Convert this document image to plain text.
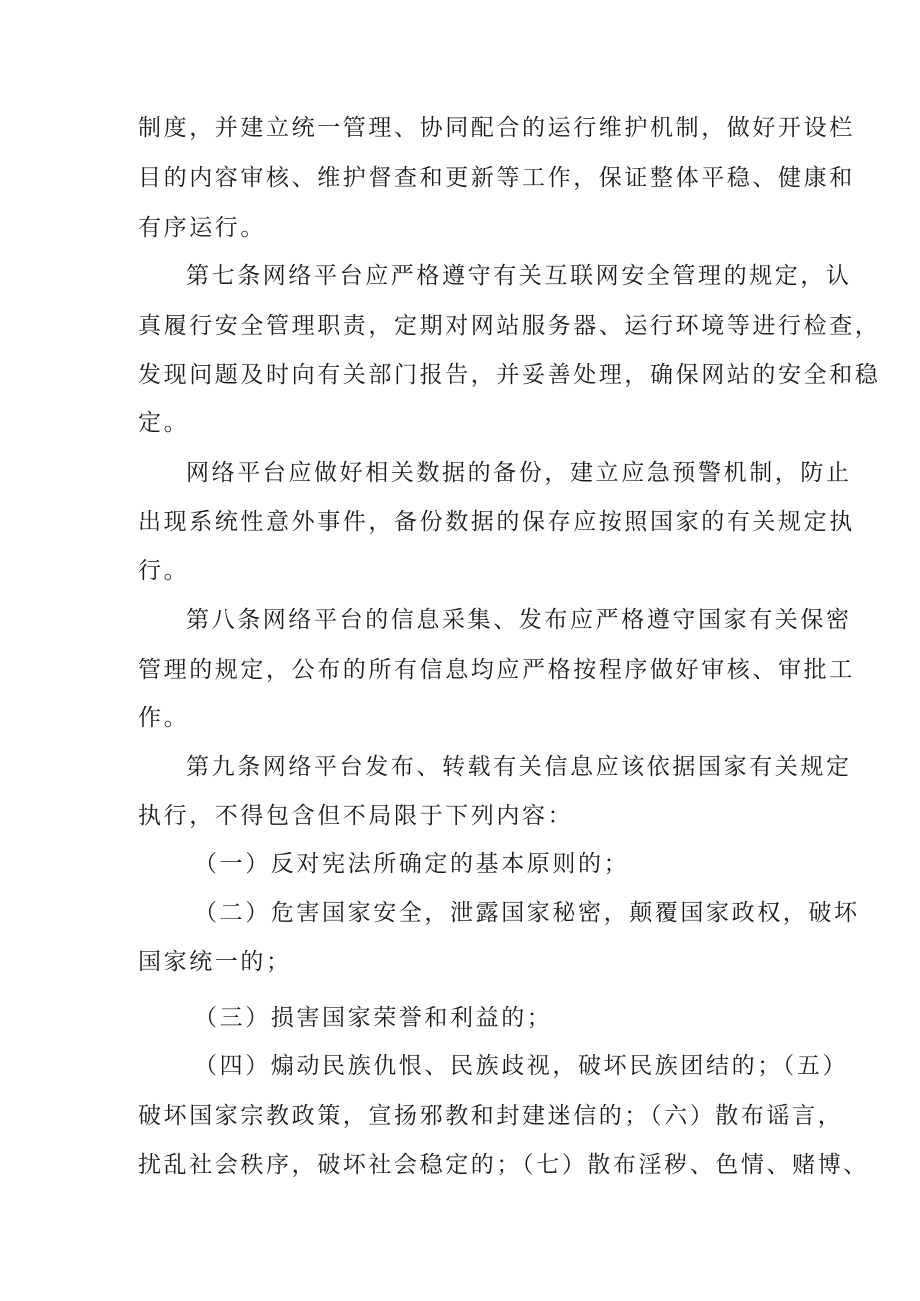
制度，并建立统一管理、协同配合的运行维护机制，做好开设栏
目的内容审核、维护督查和更新等工作，保证整体平稳、健康和
有序运行。
第七条网络平台应严格遵守有关互联网安全管理的规定，认
真履行安全管理职责，定期对网站服务器、运行环境等进行检查，
发现问题及时向有关部门报告，并妥善处理，确保网站的安全和稳
定。
网络平台应做好相关数据的备份，建立应急预警机制，防止
出现系统性意外事件，备份数据的保存应按照国家的有关规定执
行。
第八条网络平台的信息采集、发布应严格遵守国家有关保密
管理的规定，公布的所有信息均应严格按程序做好审核、审批工
作。
第九条网络平台发布、转载有关信息应该依据国家有关规定
执行，不得包含但不局限于下列内容：
（一）反对宪法所确定的基本原则的；
（二）危害国家安全，泄露国家秘密，颠覆国家政权，破坏
国家统一的；
（三）损害国家荣誉和利益的；
（四）煽动民族仇恨、民族歧视，破坏民族团结的；（五）
破坏国家宗教政策，宣扬邪教和封建迷信的；（六）散布谣言，
扰乱社会秩序，破坏社会稳定的；（七）散布淫秽、色情、赌博、
